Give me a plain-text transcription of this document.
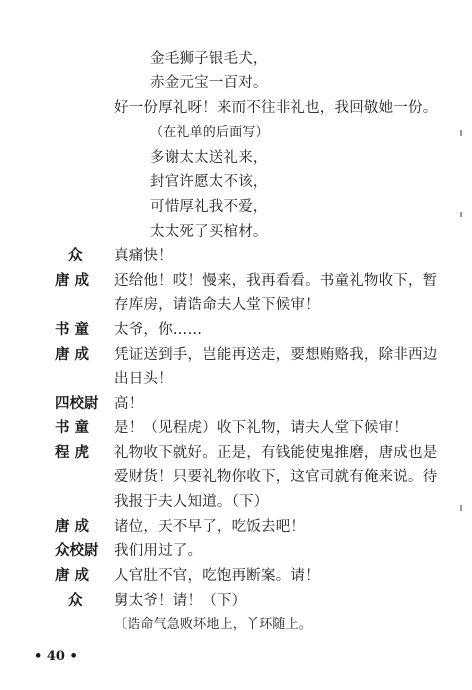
金毛狮子银毛犬，
赤金元宝一百对。
好一份厚礼呀！来而不往非礼也，我回敬她一份。
（在礼单的后面写）
多谢太太送礼来，
封官许愿太不该，
可惜厚礼我不爱，
太太死了买棺材。
众 真痛快！
唐 成 还给他！哎！慢来，我再看看。书童礼物收下，暂
存库房，请诰命夫人堂下候审！
书 童 太爷，你……
唐 成 凭证送到手，岂能再送走，要想贿赂我，除非西边
出日头！
四校尉 高！
书 童 是！（见程虎）收下礼物，请夫人堂下候审！
程 虎 礼物收下就好。正是，有钱能使鬼推磨，唐成也是
爱财货！只要礼物你收下，这官司就有俺来说。待
我报于夫人知道。（下）
唐 成 诸位，天不早了，吃饭去吧！
众校尉 我们用过了。
唐 成 人官肚不官，吃饱再断案。请！
众 舅太爷！请！（下）
〔诰命气急败坏地上，丫环随上。
• 40 •
